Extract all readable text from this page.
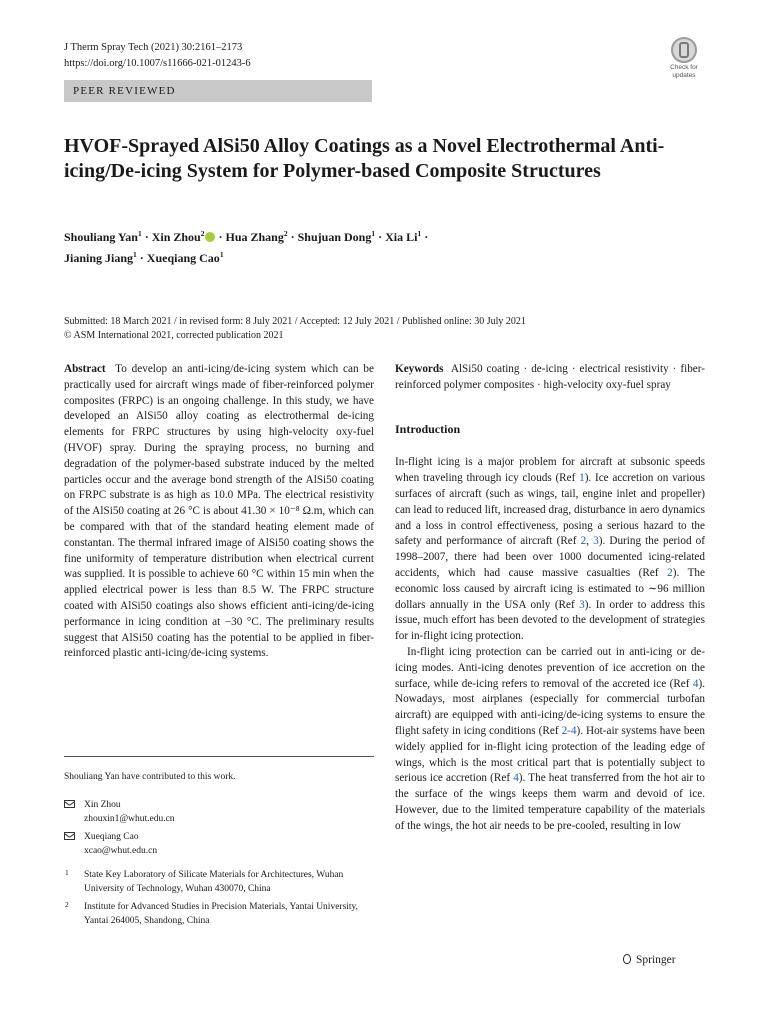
J Therm Spray Tech (2021) 30:2161–2173
https://doi.org/10.1007/s11666-021-01243-6	Check for
updates
PEER REVIEWED
HVOF-Sprayed AlSi50 Alloy Coatings as a Novel Electrothermal Anti-icing/De-icing System for Polymer-based Composite Structures
Shouliang Yan$^1$ · Xin Zhou$^2$ · Hua Zhang$^2$ · Shujuan Dong$^1$ · Xia $Li^1$ ·
Jianing Jiang$^1$ · Xueqiang Cao$^1$
Submitted: 18 March 2021 / in revised form: 8 July 2021 / Accepted: 12 July 2021 / Published online: 30 July 2021
© ASM International 2021, corrected publication 2021

Abstract To develop an anti-icing/de-icing system which can be practically used for aircraft wings made of fiber-reinforced polymer composites (FRPC) is an ongoing challenge. In this study, we have developed an AlSi50 alloy coating as electrothermal de-icing elements for FRPC structures by using high-velocity oxy-fuel (HVOF) spray. During the spraying process, no burning and degradation of the polymer-based substrate induced by the melted particles occur and the average bond strength of the AlSi50 coating on FRPC substrate is as high as 10.0 MPa. The electrical resistivity of the AlSi50 coating at 26 °C is about 41.30 × 10⁻⁸ Ω.m, which can be compared with that of the standard heating element made of constantan. The thermal infrared image of AlSi50 coating shows the fine uniformity of temperature distribution when electrical current was supplied. It is possible to achieve 60 °C within 15 min when the applied electrical power is less than 8.5 W. The FRPC structure coated with AlSi50 coatings also shows efficient anti-icing/de-icing performance in icing condition at −30 °C. The preliminary results suggest that AlSi50 coating has the potential to be applied in fiber-reinforced plastic anti-icing/de-icing systems.

Shouliang Yan have contributed to this work.
Xin Zhou
zhouxin1@whut.edu.cn
Xueqiang Cao
xcao@whut.edu.cn
1 State Key Laboratory of Silicate Materials for Architectures, Wuhan University of Technology, Wuhan 430070, China
2 Institute for Advanced Studies in Precision Materials, Yantai University, Yantai 264005, Shandong, China

Keywords AlSi50 coating · de-icing · electrical resistivity · fiber-reinforced polymer composites · high-velocity oxy-fuel spray

Introduction

In-flight icing is a major problem for aircraft at subsonic speeds when traveling through icy clouds (Ref 1). Ice accretion on various surfaces of aircraft (such as wings, tail, engine inlet and propeller) can lead to reduced lift, increased drag, disturbance in aero dynamics and a loss in control effectiveness, posing a serious hazard to the safety and performance of aircraft (Ref 2, 3). During the period of 1998–2007, there had been over 1000 documented icing-related accidents, which had cause massive casualties (Ref 2). The economic loss caused by aircraft icing is estimated to ∼96 million dollars annually in the USA only (Ref 3). In order to address this issue, much effort has been devoted to the development of strategies for in-flight icing protection.

In-flight icing protection can be carried out in anti-icing or de-icing modes. Anti-icing denotes prevention of ice accretion on the surface, while de-icing refers to removal of the accreted ice (Ref 4). Nowadays, most airplanes (especially for commercial turbofan aircraft) are equipped with anti-icing/de-icing systems to ensure the flight safety in icing conditions (Ref 2-4). Hot-air systems have been widely applied for in-flight icing protection of the leading edge of wings, which is the most critical part that is potentially subject to serious ice accretion (Ref 4). The heat transferred from the hot air to the surface of the wings keeps them warm and devoid of ice. However, due to the limited temperature capability of the materials of the wings, the hot air needs to be pre-cooled, resulting in low

Springer
